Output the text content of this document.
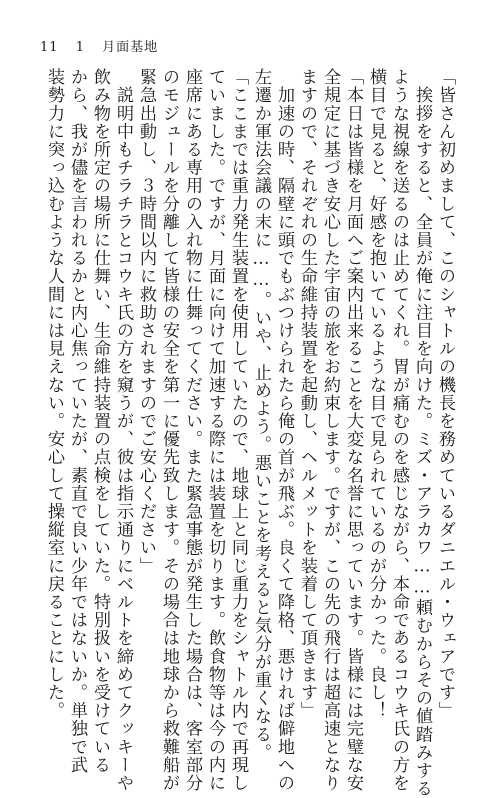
11 1 月面基地
「皆さん初めまして、このシャトルの機長を務めているダニエル・ウェアです」
　挨拶をすると、全員が俺に注目を向けた。ミズ・アラカワ……頼むからその値踏みする
ような視線を送るのは止めてくれ。胃が痛むのを感じながら、本命であるコウキ氏の方を
横目で見ると、好感を抱いているような目で見られているのが分かった。良し！
「本日は皆様を月面へご案内出来ることを大変な名誉に思っています。皆様には完璧な安
全規定に基づき安心した宇宙の旅をお約束します。ですが、この先の飛行は超高速となり
ますので、それぞれの生命維持装置を起動し、ヘルメットを装着して頂きます」
　加速の時、隔壁に頭でもぶつけられたら俺の首が飛ぶ。良くて降格、悪ければ僻地への
左遷か軍法会議の末に……。いや、止めよう。悪いことを考えると気分が重くなる。
「ここまでは重力発生装置を使用していたので、地球上と同じ重力をシャトル内で再現し
ていました。ですが、月面に向けて加速する際には装置を切ります。飲食物等は今の内に
座席にある専用の入れ物に仕舞ってください。また緊急事態が発生した場合は、客室部分
のモジュールを分離して皆様の安全を第一に優先致します。その場合は地球から救難船が
緊急出動し、３時間以内に救助されますのでご安心ください」
　説明中もチラチラとコウキ氏の方を窺うが、彼は指示通りにベルトを締めてクッキーや
飲み物を所定の場所に仕舞い、生命維持装置の点検をしていた。特別扱いを受けている
から、我が儘を言われるかと内心焦っていたが、素直で良い少年ではないか。単独で武
装勢力に突っ込むような人間には見えない。安心して操縦室に戻ることにした。
